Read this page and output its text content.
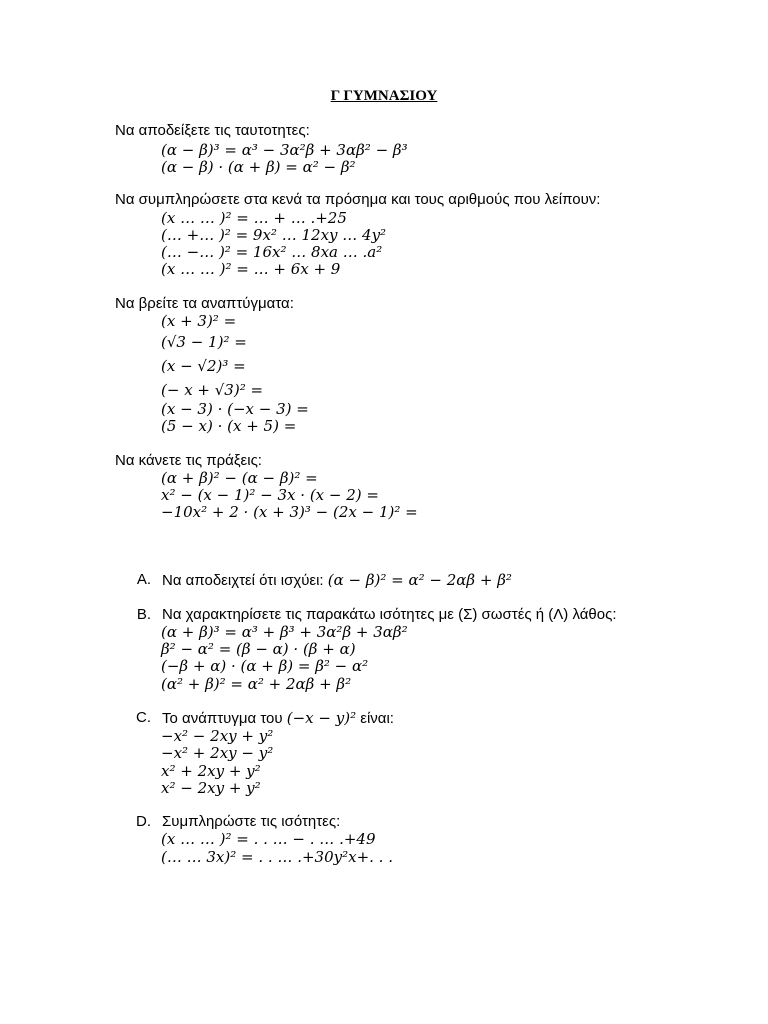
Γ ΓΥΜΝΑΣΙΟΥ
Να αποδείξετε τις ταυτοτητες:
(α − β)³ = α³ − 3α²β + 3αβ² − β³
(α − β) · (α + β) = α² − β²
Να συμπληρώσετε στα κενά τα πρόσημα και τους αριθμούς που λείπουν:
(x … … )² = … + … .+25
(… +… )² = 9x² … 12xy … 4y²
(… −… )² = 16x² … 8xa … .a²
(x … … )² = … + 6x + 9
Να βρείτε τα αναπτύγματα:
(x + 3)² =
(√3 − 1)² =
(x − √2)³ =
(− x + √3)² =
(x − 3) · (−x − 3) =
(5 − x) · (x + 5) =
Να κάνετε τις πράξεις:
(α + β)² − (α − β)² =
x² − (x − 1)² − 3x · (x − 2) =
−10x² + 2 · (x + 3)³ − (2x − 1)² =
A. Να αποδειχτεί ότι ισχύει: (α − β)² = α² − 2αβ + β²
B. Να χαρακτηρίσετε τις παρακάτω ισότητες με (Σ) σωστές ή (Λ) λάθος:
(α + β)³ = α³ + β³ + 3α²β + 3αβ²
β² − α² = (β − α) · (β + α)
(−β + α) · (α + β) = β² − α²
(α² + β)² = α² + 2αβ + β²
C. Το ανάπτυγμα του (−x − y)² είναι:
−x² − 2xy + y²
−x² + 2xy − y²
x² + 2xy + y²
x² − 2xy + y²
D. Συμπληρώστε τις ισότητες:
(x … … )² = . . … − . … .+49
(… … 3x)² = . . … .+30y²x+. . .
